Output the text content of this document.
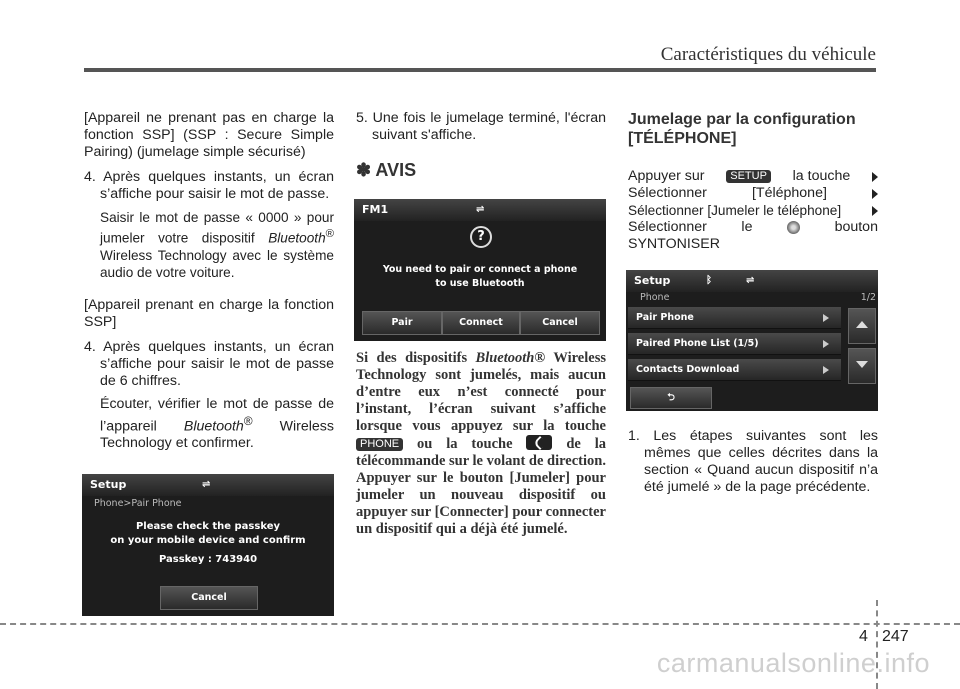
Caractéristiques du véhicule

[Appareil ne prenant pas en charge la fonction SSP] (SSP : Secure Simple Pairing) (jumelage simple sécurisé)

4. Après quelques instants, un écran s’affiche pour saisir le mot de passe.

Saisir le mot de passe « 0000 » pour jumeler votre dispositif Bluetooth® Wireless Technology avec le système audio de votre voiture.

[Appareil prenant en charge la fonction SSP]

4. Après quelques instants, un écran s’affiche pour saisir le mot de passe de 6 chiffres.

Écouter, vérifier le mot de passe de l’appareil Bluetooth® Wireless Technology et confirmer.

Setup	⇌
Phone>Pair Phone
Please check the passkey
on your mobile device and confirm
Passkey : 743940
Cancel

5. Une fois le jumelage terminé, l'écran suivant s'affiche.

✽ AVIS
FM1	⇌
?
You need to pair or connect a phone
to use Bluetooth
Pair	Connect	Cancel

Si des dispositifs Bluetooth® Wireless Technology sont jumelés, mais aucun d’entre eux n’est connecté pour l’instant, l’écran suivant s’affiche lorsque vous appuyez sur la touche PHONE ou la touche	de la télécommande sur le volant de direction.

Appuyer sur le bouton [Jumeler] pour jumeler un nouveau dispositif ou appuyer sur [Connecter] pour connecter un dispositif qui a déjà été jumelé.

Jumelage par la configuration [TÉLÉPHONE]
Appuyer sur	SETUP la touche
Sélectionner	[Téléphone]
Sélectionner [Jumeler le téléphone]
Sélectionner le	bouton
SYNTONISER
Setup	ᛒ	⇌
Phone	1/2
Pair Phone
Paired Phone List (1/5)
Contacts Download
⮌

1. Les étapes suivantes sont les mêmes que celles décrites dans la section « Quand aucun dispositif n’a été jumelé » de la page précédente.

4 247
carmanualsonline.info
